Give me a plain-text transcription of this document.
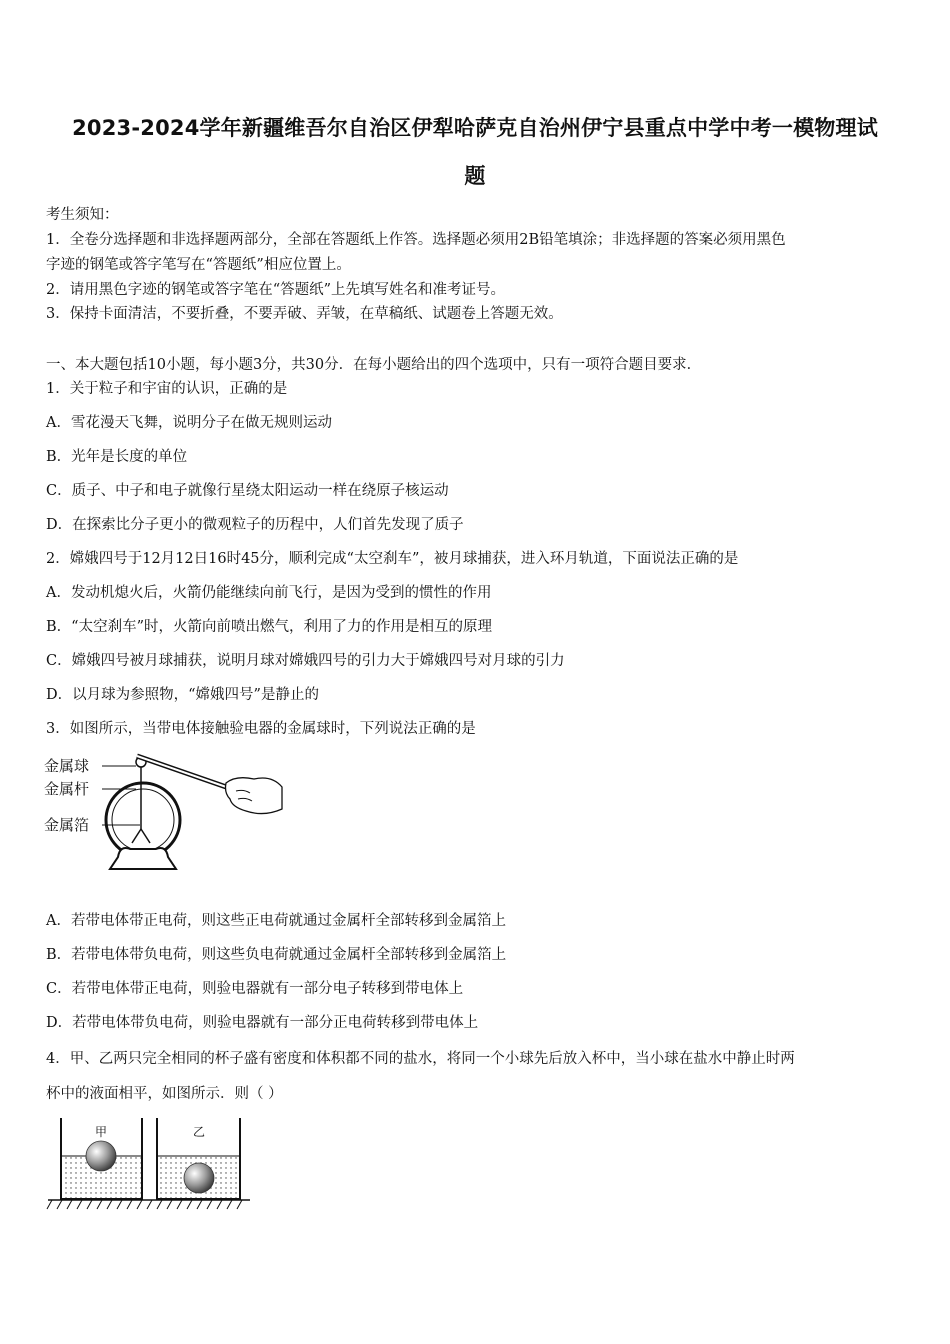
2023-2024学年新疆维吾尔自治区伊犁哈萨克自治州伊宁县重点中学中考一模物理试
题
考生须知：
1．全卷分选择题和非选择题两部分，全部在答题纸上作答。选择题必须用2B铅笔填涂；非选择题的答案必须用黑色
字迹的钢笔或答字笔写在“答题纸”相应位置上。
2．请用黑色字迹的钢笔或答字笔在“答题纸”上先填写姓名和准考证号。
3．保持卡面清洁，不要折叠，不要弄破、弄皱，在草稿纸、试题卷上答题无效。
一、本大题包括10小题，每小题3分，共30分．在每小题给出的四个选项中，只有一项符合题目要求．
1．关于粒子和宇宙的认识，正确的是
A．雪花漫天飞舞，说明分子在做无规则运动
B．光年是长度的单位
C．质子、中子和电子就像行星绕太阳运动一样在绕原子核运动
D．在探索比分子更小的微观粒子的历程中，人们首先发现了质子
2．嫦娥四号于12月12日16时45分，顺利完成“太空刹车”，被月球捕获，进入环月轨道，下面说法正确的是
A．发动机熄火后，火箭仍能继续向前飞行，是因为受到的惯性的作用
B．“太空刹车”时，火箭向前喷出燃气，利用了力的作用是相互的原理
C．嫦娥四号被月球捕获，说明月球对嫦娥四号的引力大于嫦娥四号对月球的引力
D．以月球为参照物，“嫦娥四号”是静止的
3．如图所示，当带电体接触验电器的金属球时，下列说法正确的是
金属球
金属杆
金属箔
A．若带电体带正电荷，则这些正电荷就通过金属杆全部转移到金属箔上
B．若带电体带负电荷，则这些负电荷就通过金属杆全部转移到金属箔上
C．若带电体带正电荷，则验电器就有一部分电子转移到带电体上
D．若带电体带负电荷，则验电器就有一部分正电荷转移到带电体上
4．甲、乙两只完全相同的杯子盛有密度和体积都不同的盐水，将同一个小球先后放入杯中，当小球在盐水中静止时两
杯中的液面相平，如图所示．则（ ）
甲	乙
